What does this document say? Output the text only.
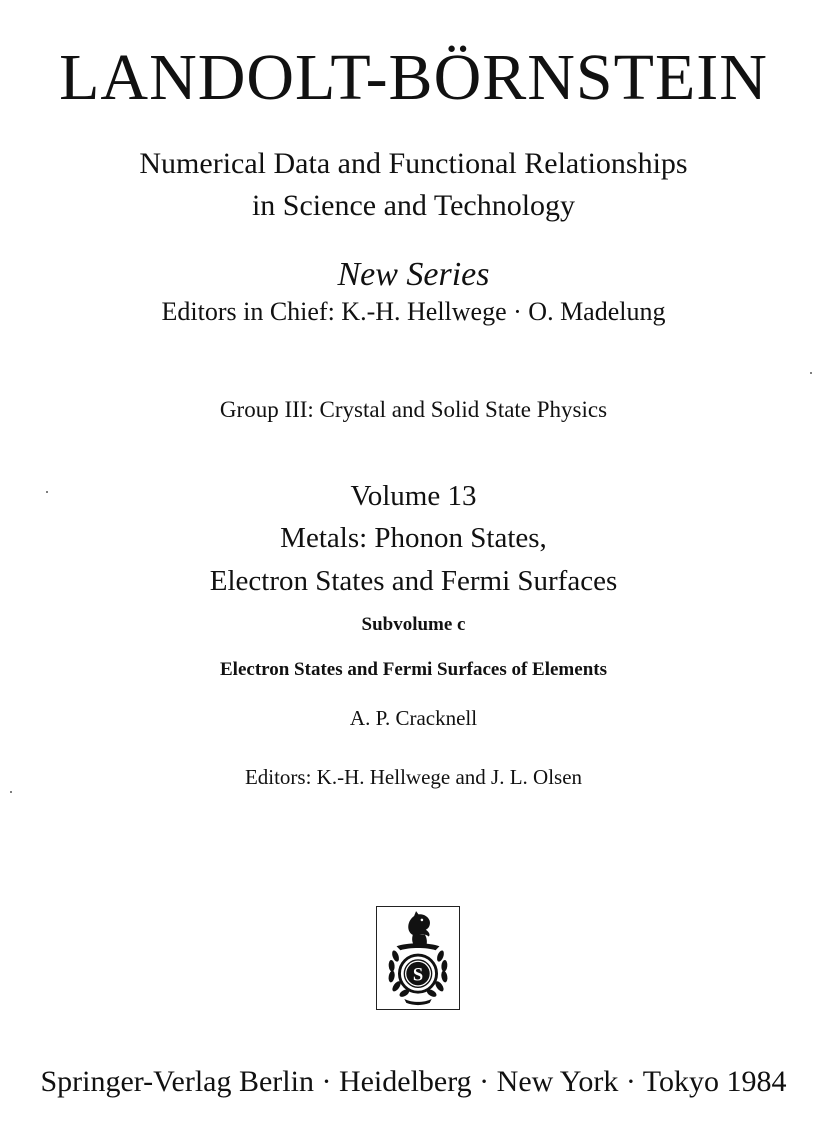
LANDOLT-BÖRNSTEIN
Numerical Data and Functional Relationships
in Science and Technology
New Series
Editors in Chief: K.-H. Hellwege · O. Madelung
Group III: Crystal and Solid State Physics
Volume 13
Metals: Phonon States,
Electron States and Fermi Surfaces
Subvolume c
Electron States and Fermi Surfaces of Elements
A. P. Cracknell
Editors: K.-H. Hellwege and J. L. Olsen
S
Springer-Verlag Berlin · Heidelberg · New York · Tokyo 1984
